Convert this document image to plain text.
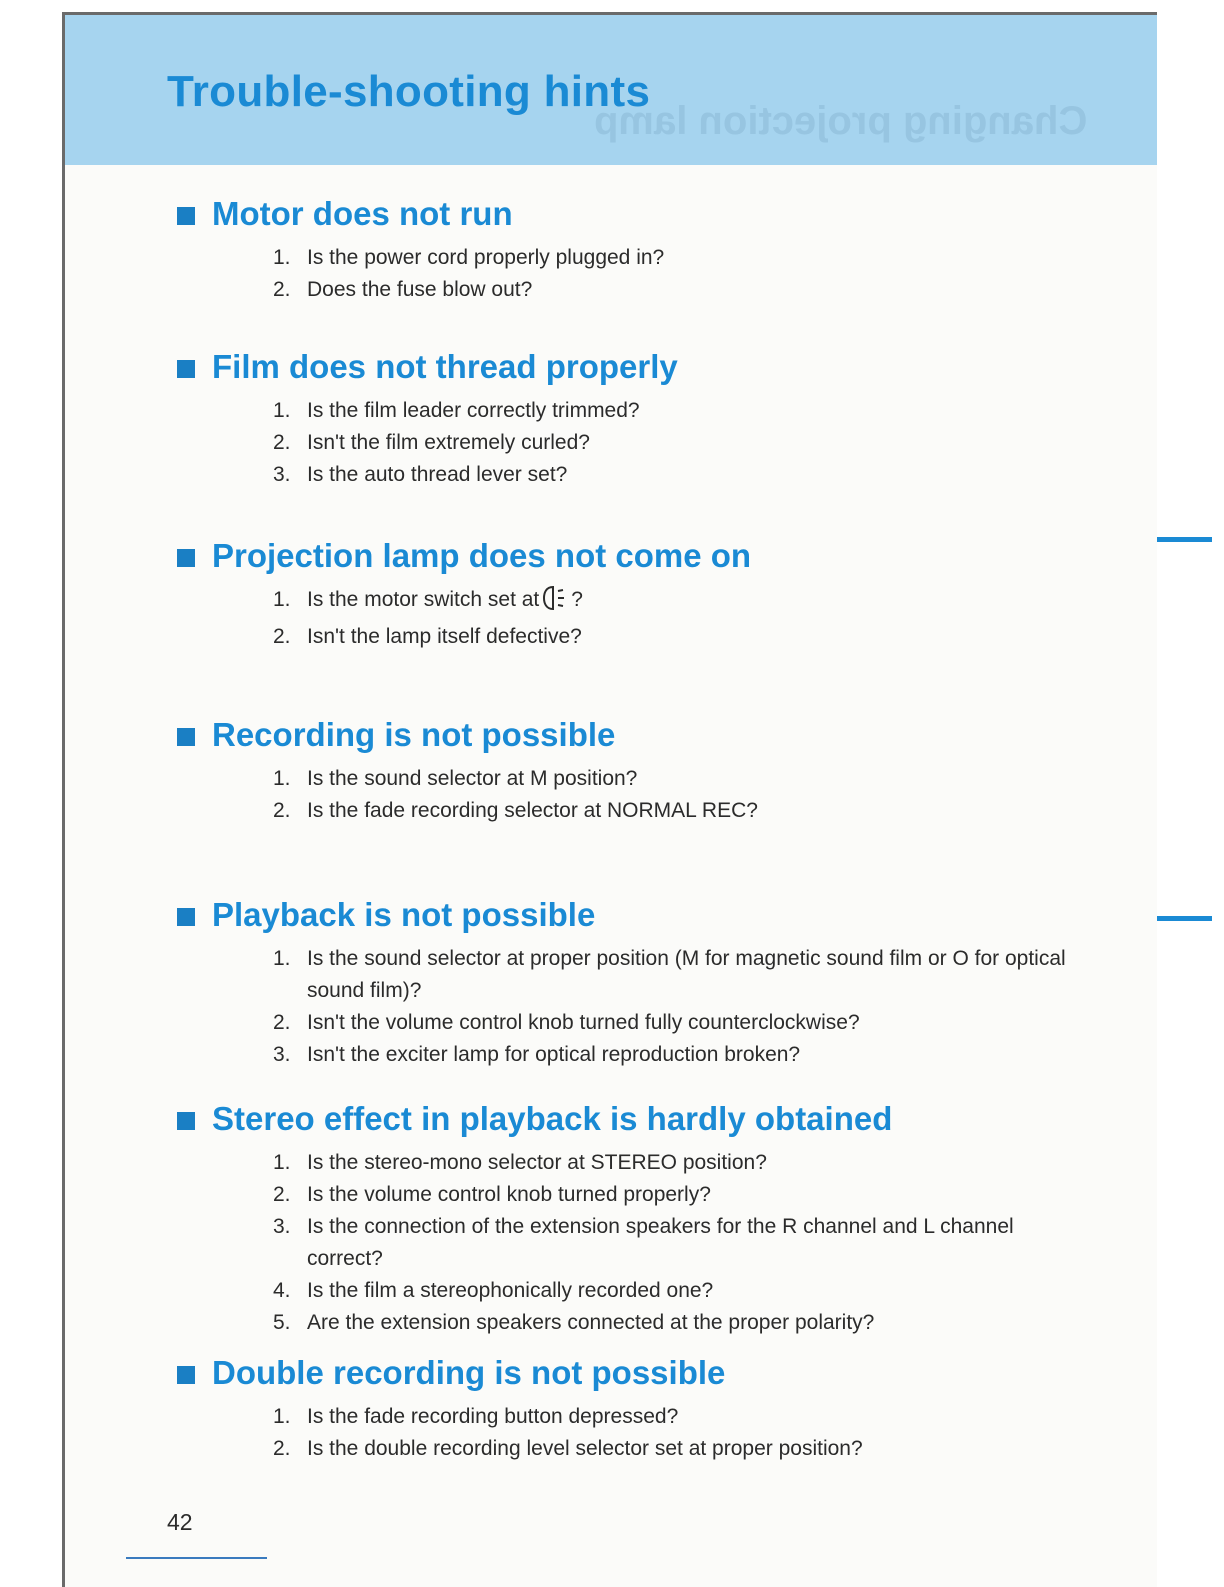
Changing projection lamp
Trouble-shooting hints
Motor does not run
1. Is the power cord properly plugged in?
2. Does the fuse blow out?
Film does not thread properly
1. Is the film leader correctly trimmed?
2. Isn't the film extremely curled?
3. Is the auto thread lever set?
Projection lamp does not come on
1. Is the motor switch set at ?
2. Isn't the lamp itself defective?
Recording is not possible
1. Is the sound selector at M position?
2. Is the fade recording selector at NORMAL REC?
Playback is not possible
1. Is the sound selector at proper position (M for magnetic sound film or O for optical sound film)?
2. Isn't the volume control knob turned fully counterclockwise?
3. Isn't the exciter lamp for optical reproduction broken?
Stereo effect in playback is hardly obtained
1. Is the stereo-mono selector at STEREO position?
2. Is the volume control knob turned properly?
3. Is the connection of the extension speakers for the R channel and L channel correct?
4. Is the film a stereophonically recorded one?
5. Are the extension speakers connected at the proper polarity?
Double recording is not possible
1. Is the fade recording button depressed?
2. Is the double recording level selector set at proper position?
42
